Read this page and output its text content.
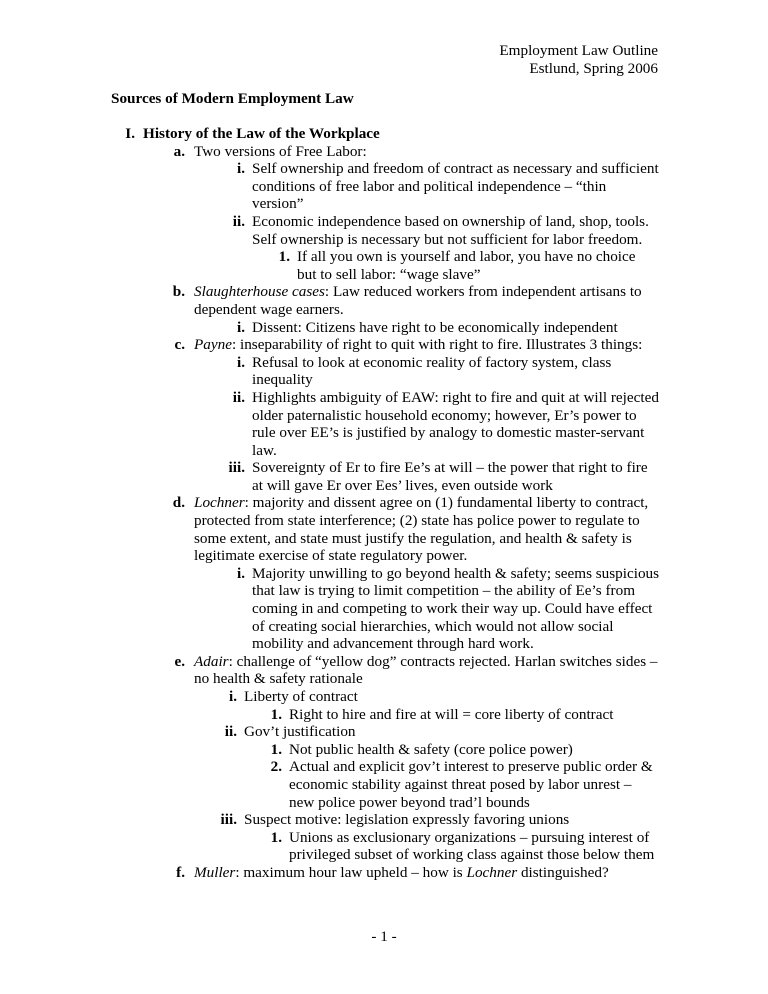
Employment Law Outline
Estlund, Spring 2006
Sources of Modern Employment Law
I. History of the Law of the Workplace
a. Two versions of Free Labor:
i. Self ownership and freedom of contract as necessary and sufficient conditions of free labor and political independence – “thin version”
ii. Economic independence based on ownership of land, shop, tools. Self ownership is necessary but not sufficient for labor freedom.
1. If all you own is yourself and labor, you have no choice but to sell labor: “wage slave”
b. Slaughterhouse cases: Law reduced workers from independent artisans to dependent wage earners.
i. Dissent: Citizens have right to be economically independent
c. Payne: inseparability of right to quit with right to fire. Illustrates 3 things:
i. Refusal to look at economic reality of factory system, class inequality
ii. Highlights ambiguity of EAW: right to fire and quit at will rejected older paternalistic household economy; however, Er’s power to rule over EE’s is justified by analogy to domestic master-servant law.
iii. Sovereignty of Er to fire Ee’s at will – the power that right to fire at will gave Er over Ees’ lives, even outside work
d. Lochner: majority and dissent agree on (1) fundamental liberty to contract, protected from state interference; (2) state has police power to regulate to some extent, and state must justify the regulation, and health & safety is legitimate exercise of state regulatory power.
i. Majority unwilling to go beyond health & safety; seems suspicious that law is trying to limit competition – the ability of Ee’s from coming in and competing to work their way up. Could have effect of creating social hierarchies, which would not allow social mobility and advancement through hard work.
e. Adair: challenge of “yellow dog” contracts rejected. Harlan switches sides – no health & safety rationale
i. Liberty of contract
1. Right to hire and fire at will = core liberty of contract
ii. Gov’t justification
1. Not public health & safety (core police power)
2. Actual and explicit gov’t interest to preserve public order & economic stability against threat posed by labor unrest – new police power beyond trad’l bounds
iii. Suspect motive: legislation expressly favoring unions
1. Unions as exclusionary organizations – pursuing interest of privileged subset of working class against those below them
f. Muller: maximum hour law upheld – how is Lochner distinguished?
- 1 -
